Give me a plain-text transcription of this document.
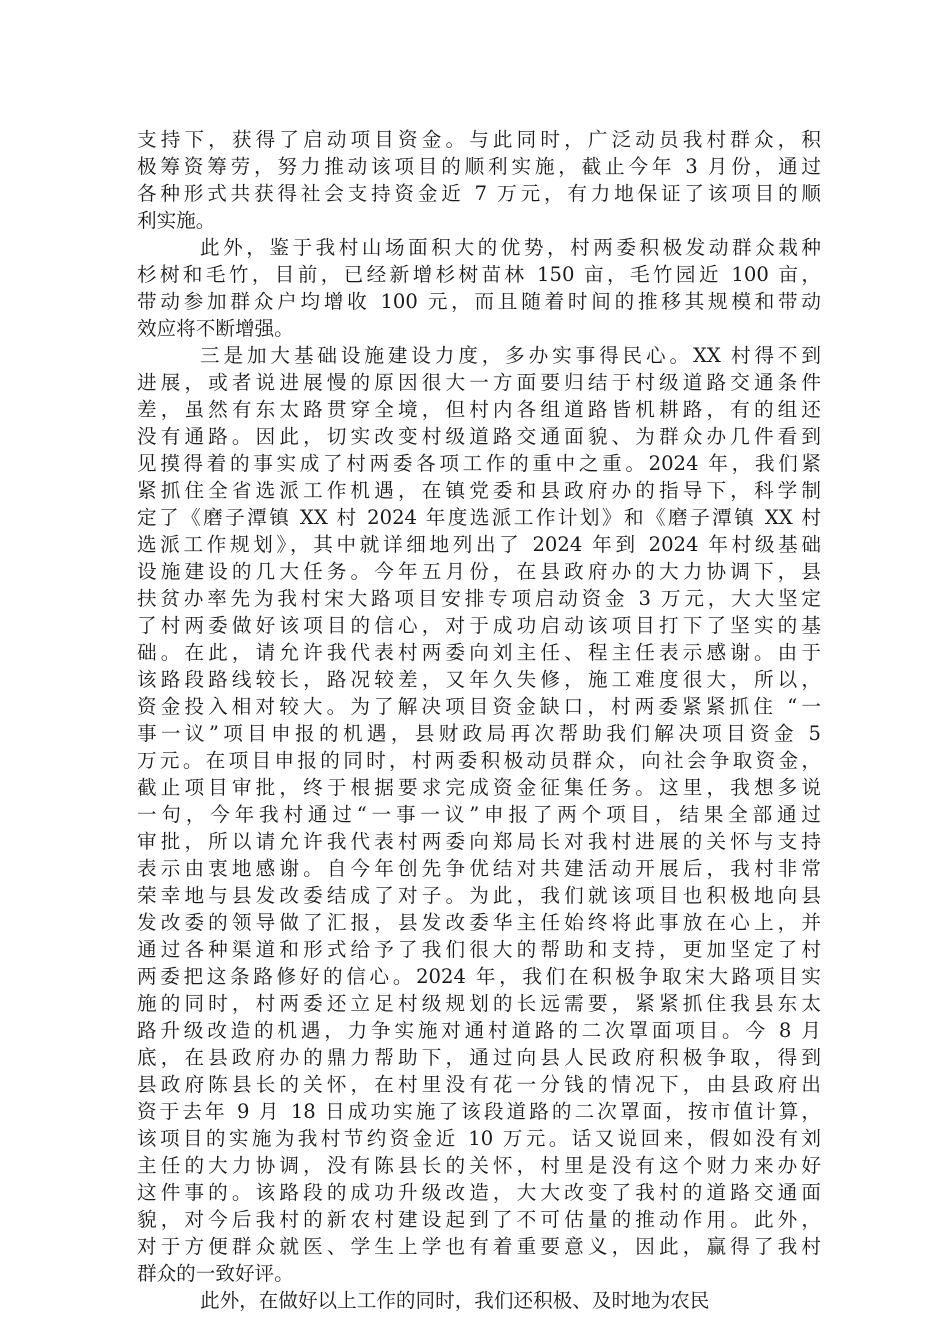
支持下，获得了启动项目资金。与此同时，广泛动员我村群众，积
极筹资筹劳，努力推动该项目的顺利实施，截止今年 3 月份，通过
各种形式共获得社会支持资金近 7 万元，有力地保证了该项目的顺
利实施。
此外，鉴于我村山场面积大的优势，村两委积极发动群众栽种
杉树和毛竹，目前，已经新增杉树苗林 150 亩，毛竹园近 100 亩，
带动参加群众户均增收 100 元，而且随着时间的推移其规模和带动
效应将不断增强。
三是加大基础设施建设力度，多办实事得民心。XX 村得不到
进展，或者说进展慢的原因很大一方面要归结于村级道路交通条件
差，虽然有东太路贯穿全境，但村内各组道路皆机耕路，有的组还
没有通路。因此，切实改变村级道路交通面貌、为群众办几件看到
见摸得着的事实成了村两委各项工作的重中之重。2024 年，我们紧
紧抓住全省选派工作机遇，在镇党委和县政府办的指导下，科学制
定了《磨子潭镇 XX 村 2024 年度选派工作计划》和《磨子潭镇 XX 村
选派工作规划》，其中就详细地列出了 2024 年到 2024 年村级基础
设施建设的几大任务。今年五月份，在县政府办的大力协调下，县
扶贫办率先为我村宋大路项目安排专项启动资金 3 万元，大大坚定
了村两委做好该项目的信心，对于成功启动该项目打下了坚实的基
础。在此，请允许我代表村两委向刘主任、程主任表示感谢。由于
该路段路线较长，路况较差，又年久失修，施工难度很大，所以，
资金投入相对较大。为了解决项目资金缺口，村两委紧紧抓住 “一
事一议”项目申报的机遇，县财政局再次帮助我们解决项目资金 5
万元。在项目申报的同时，村两委积极动员群众，向社会争取资金，
截止项目审批，终于根据要求完成资金征集任务。这里，我想多说
一句，今年我村通过“一事一议”申报了两个项目，结果全部通过
审批，所以请允许我代表村两委向郑局长对我村进展的关怀与支持
表示由衷地感谢。自今年创先争优结对共建活动开展后，我村非常
荣幸地与县发改委结成了对子。为此，我们就该项目也积极地向县
发改委的领导做了汇报，县发改委华主任始终将此事放在心上，并
通过各种渠道和形式给予了我们很大的帮助和支持，更加坚定了村
两委把这条路修好的信心。2024 年，我们在积极争取宋大路项目实
施的同时，村两委还立足村级规划的长远需要，紧紧抓住我县东太
路升级改造的机遇，力争实施对通村道路的二次罩面项目。今 8 月
底，在县政府办的鼎力帮助下，通过向县人民政府积极争取，得到
县政府陈县长的关怀，在村里没有花一分钱的情况下，由县政府出
资于去年 9 月 18 日成功实施了该段道路的二次罩面，按市值计算，
该项目的实施为我村节约资金近 10 万元。话又说回来，假如没有刘
主任的大力协调，没有陈县长的关怀，村里是没有这个财力来办好
这件事的。该路段的成功升级改造，大大改变了我村的道路交通面
貌，对今后我村的新农村建设起到了不可估量的推动作用。此外，
对于方便群众就医、学生上学也有着重要意义，因此，赢得了我村
群众的一致好评。
此外，在做好以上工作的同时，我们还积极、及时地为农民
